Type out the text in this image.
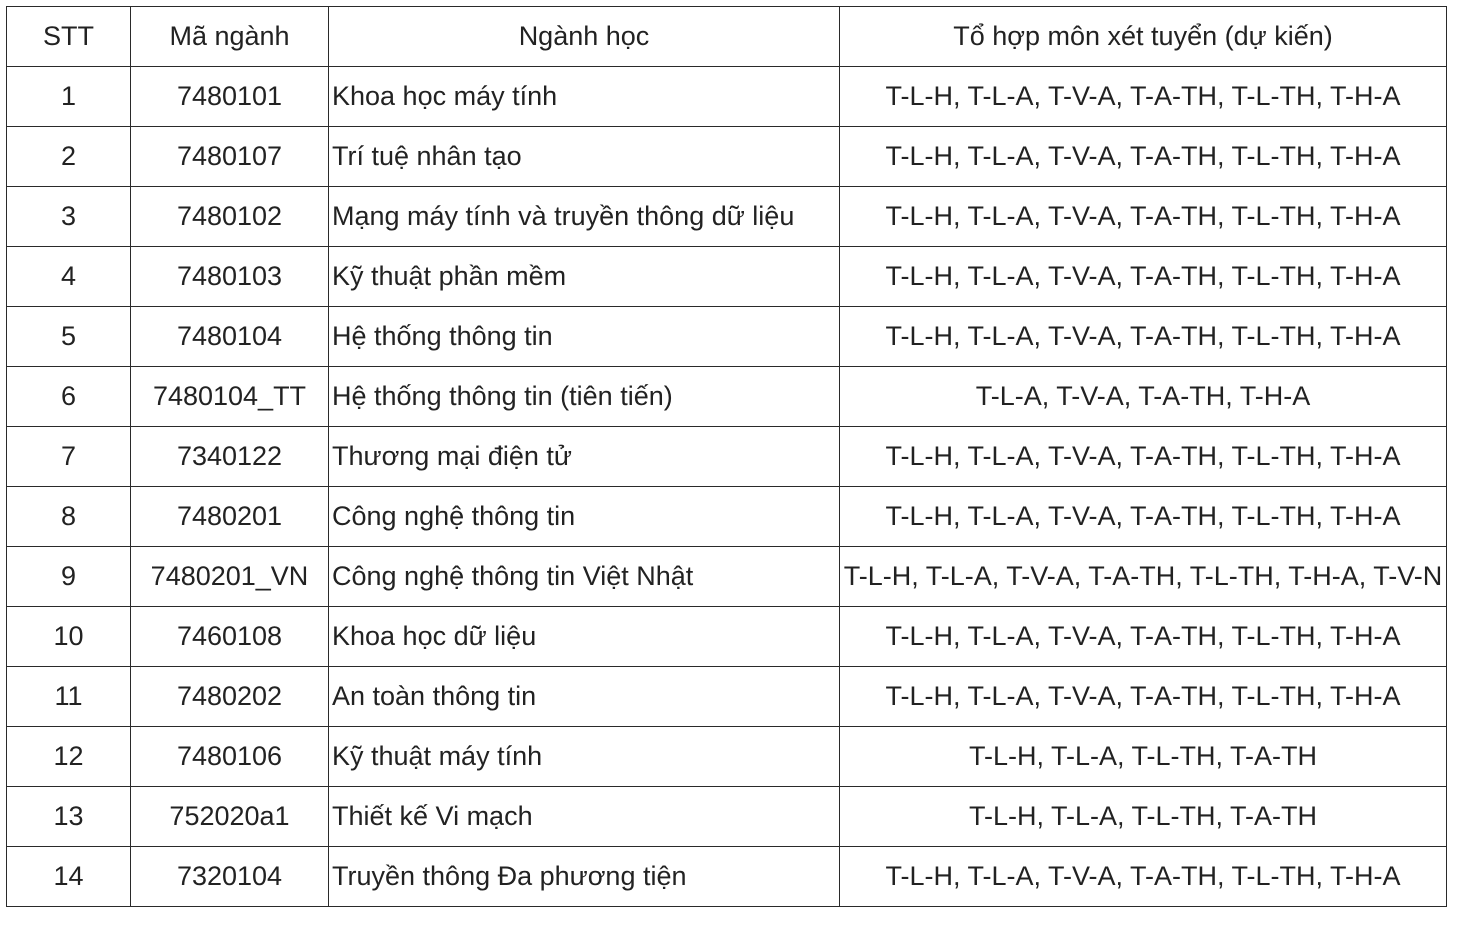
STT	Mã ngành	Ngành học	Tổ hợp môn xét tuyển (dự kiến)
1	7480101	Khoa học máy tính	T-L-H, T-L-A, T-V-A, T-A-TH, T-L-TH, T-H-A
2	7480107	Trí tuệ nhân tạo	T-L-H, T-L-A, T-V-A, T-A-TH, T-L-TH, T-H-A
3	7480102	Mạng máy tính và truyền thông dữ liệu	T-L-H, T-L-A, T-V-A, T-A-TH, T-L-TH, T-H-A
4	7480103	Kỹ thuật phần mềm	T-L-H, T-L-A, T-V-A, T-A-TH, T-L-TH, T-H-A
5	7480104	Hệ thống thông tin	T-L-H, T-L-A, T-V-A, T-A-TH, T-L-TH, T-H-A
6	7480104_TT	Hệ thống thông tin (tiên tiến)	T-L-A, T-V-A, T-A-TH, T-H-A
7	7340122	Thương mại điện tử	T-L-H, T-L-A, T-V-A, T-A-TH, T-L-TH, T-H-A
8	7480201	Công nghệ thông tin	T-L-H, T-L-A, T-V-A, T-A-TH, T-L-TH, T-H-A
9	7480201_VN	Công nghệ thông tin Việt Nhật	T-L-H, T-L-A, T-V-A, T-A-TH, T-L-TH, T-H-A, T-V-N
10	7460108	Khoa học dữ liệu	T-L-H, T-L-A, T-V-A, T-A-TH, T-L-TH, T-H-A
11	7480202	An toàn thông tin	T-L-H, T-L-A, T-V-A, T-A-TH, T-L-TH, T-H-A
12	7480106	Kỹ thuật máy tính	T-L-H, T-L-A, T-L-TH, T-A-TH
13	752020a1	Thiết kế Vi mạch	T-L-H, T-L-A, T-L-TH, T-A-TH
14	7320104	Truyền thông Đa phương tiện	T-L-H, T-L-A, T-V-A, T-A-TH, T-L-TH, T-H-A
